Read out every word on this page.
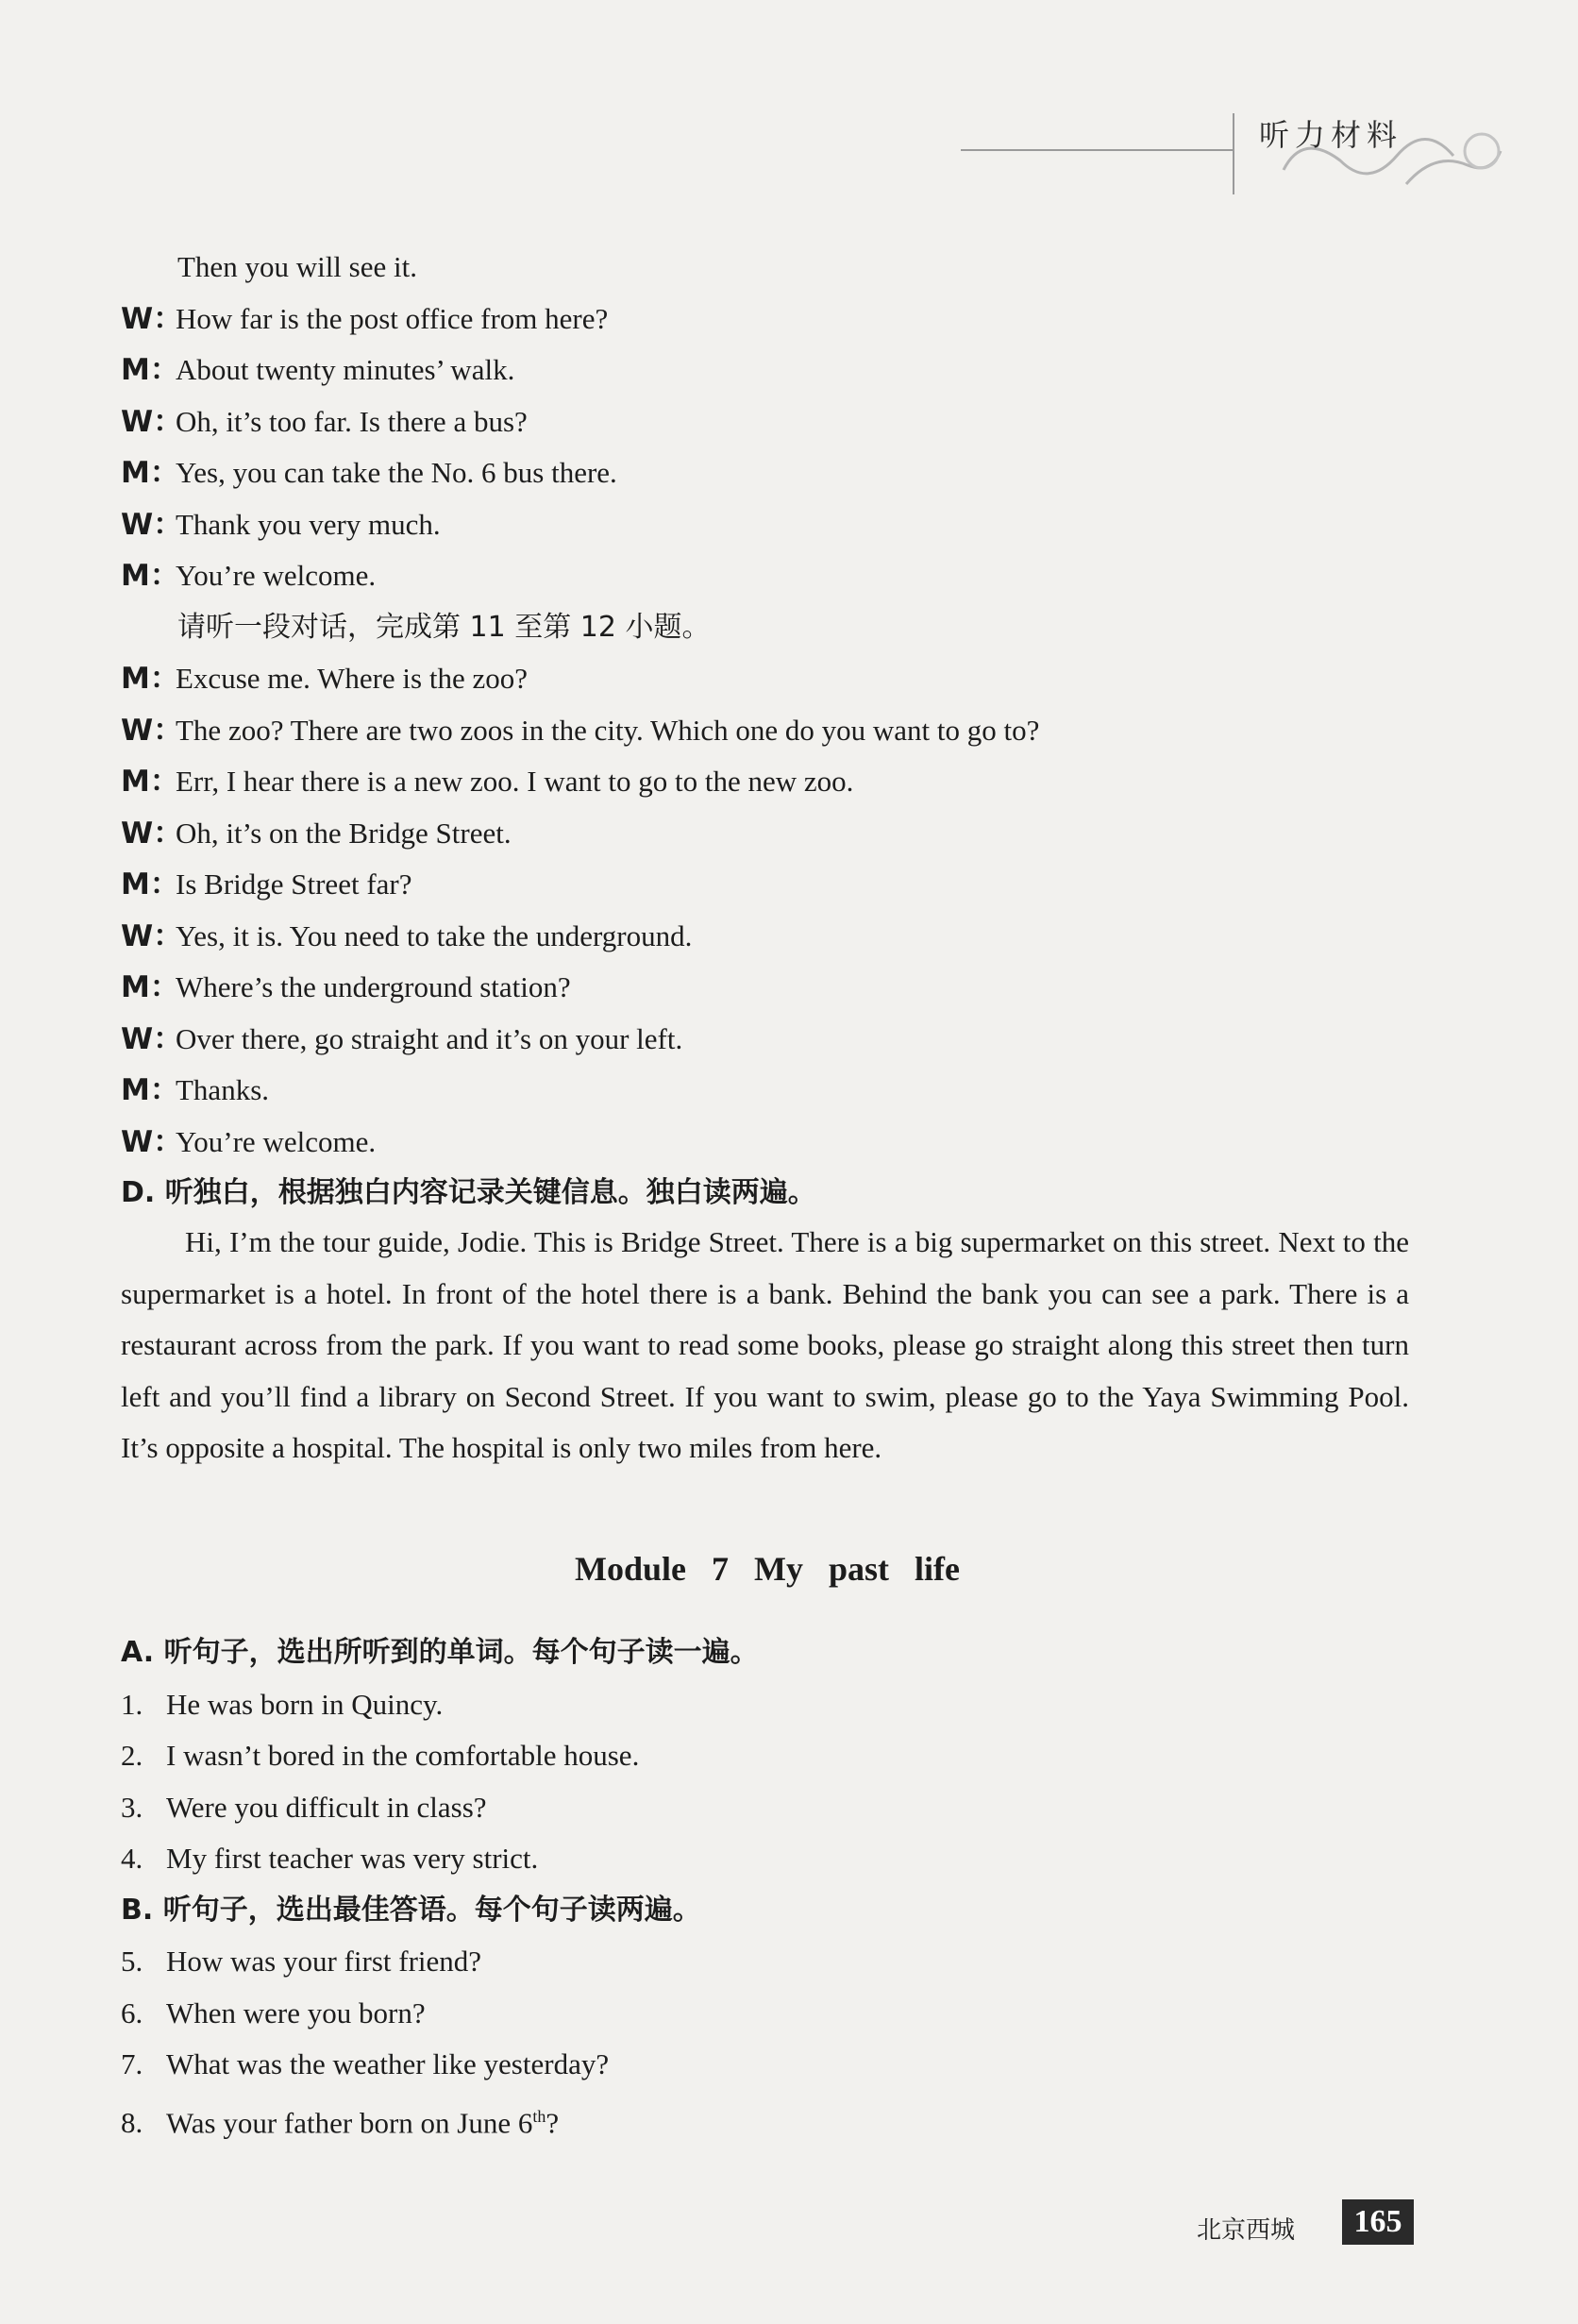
听力材料
Then you will see it.
W：How far is the post office from here?
M：About twenty minutes’ walk.
W：Oh, it’s too far. Is there a bus?
M：Yes, you can take the No. 6 bus there.
W：Thank you very much.
M：You’re welcome.
请听一段对话，完成第 11 至第 12 小题。
M：Excuse me. Where is the zoo?
W：The zoo? There are two zoos in the city. Which one do you want to go to?
M：Err, I hear there is a new zoo. I want to go to the new zoo.
W：Oh, it’s on the Bridge Street.
M：Is Bridge Street far?
W：Yes, it is. You need to take the underground.
M：Where’s the underground station?
W：Over there, go straight and it’s on your left.
M：Thanks.
W：You’re welcome.
D. 听独白，根据独白内容记录关键信息。独白读两遍。
Hi, I’m the tour guide, Jodie. This is Bridge Street. There is a big supermarket on this street. Next to the supermarket is a hotel. In front of the hotel there is a bank. Behind the bank you can see a park. There is a restaurant across from the park. If you want to read some books, please go straight along this street then turn left and you’ll find a library on Second Street. If you want to swim, please go to the Yaya Swimming Pool. It’s opposite a hospital. The hospital is only two miles from here.
Module 7 My past life
A. 听句子，选出所听到的单词。每个句子读一遍。
1. He was born in Quincy.
2. I wasn’t bored in the comfortable house.
3. Were you difficult in class?
4. My first teacher was very strict.
B. 听句子，选出最佳答语。每个句子读两遍。
5. How was your first friend?
6. When were you born?
7. What was the weather like yesterday?
8. Was your father born on June 6th?
北京西城	165
